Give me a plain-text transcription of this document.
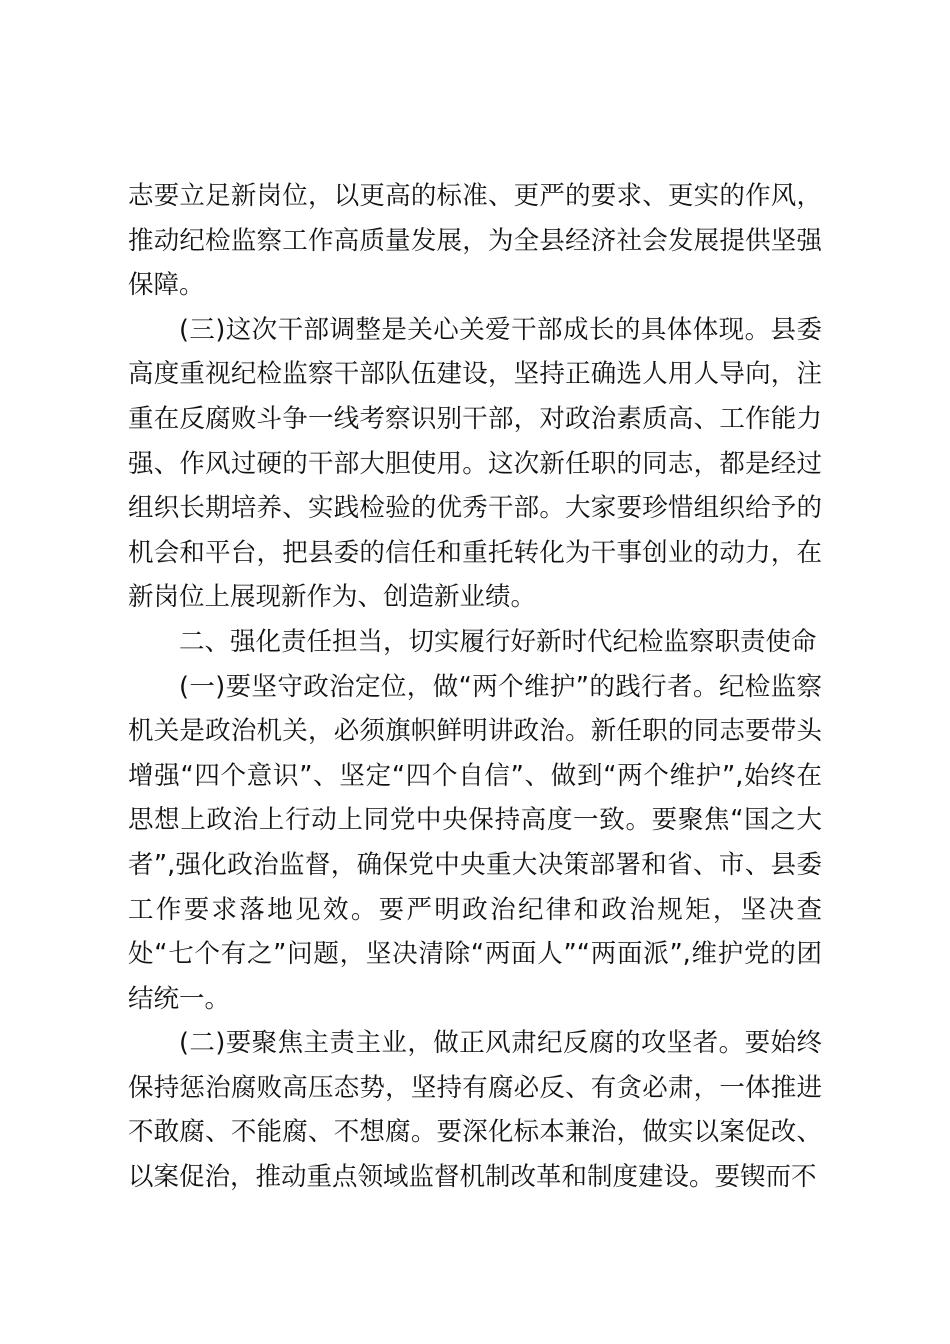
志要立足新岗位，以更高的标准、更严的要求、更实的作风，推动纪检监察工作高质量发展，为全县经济社会发展提供坚强保障。

(三)这次干部调整是关心关爱干部成长的具体体现。县委高度重视纪检监察干部队伍建设，坚持正确选人用人导向，注重在反腐败斗争一线考察识别干部，对政治素质高、工作能力强、作风过硬的干部大胆使用。这次新任职的同志，都是经过组织长期培养、实践检验的优秀干部。大家要珍惜组织给予的机会和平台，把县委的信任和重托转化为干事创业的动力，在新岗位上展现新作为、创造新业绩。

二、强化责任担当，切实履行好新时代纪检监察职责使命

(一)要坚守政治定位，做“两个维护”的践行者。纪检监察机关是政治机关，必须旗帜鲜明讲政治。新任职的同志要带头增强“四个意识”、坚定“四个自信”、做到“两个维护”,始终在思想上政治上行动上同党中央保持高度一致。要聚焦“国之大者”,强化政治监督，确保党中央重大决策部署和省、市、县委工作要求落地见效。要严明政治纪律和政治规矩，坚决查处“七个有之”问题，坚决清除“两面人”“两面派”,维护党的团结统一。

(二)要聚焦主责主业，做正风肃纪反腐的攻坚者。要始终保持惩治腐败高压态势，坚持有腐必反、有贪必肃，一体推进不敢腐、不能腐、不想腐。要深化标本兼治，做实以案促改、以案促治，推动重点领域监督机制改革和制度建设。要锲而不
